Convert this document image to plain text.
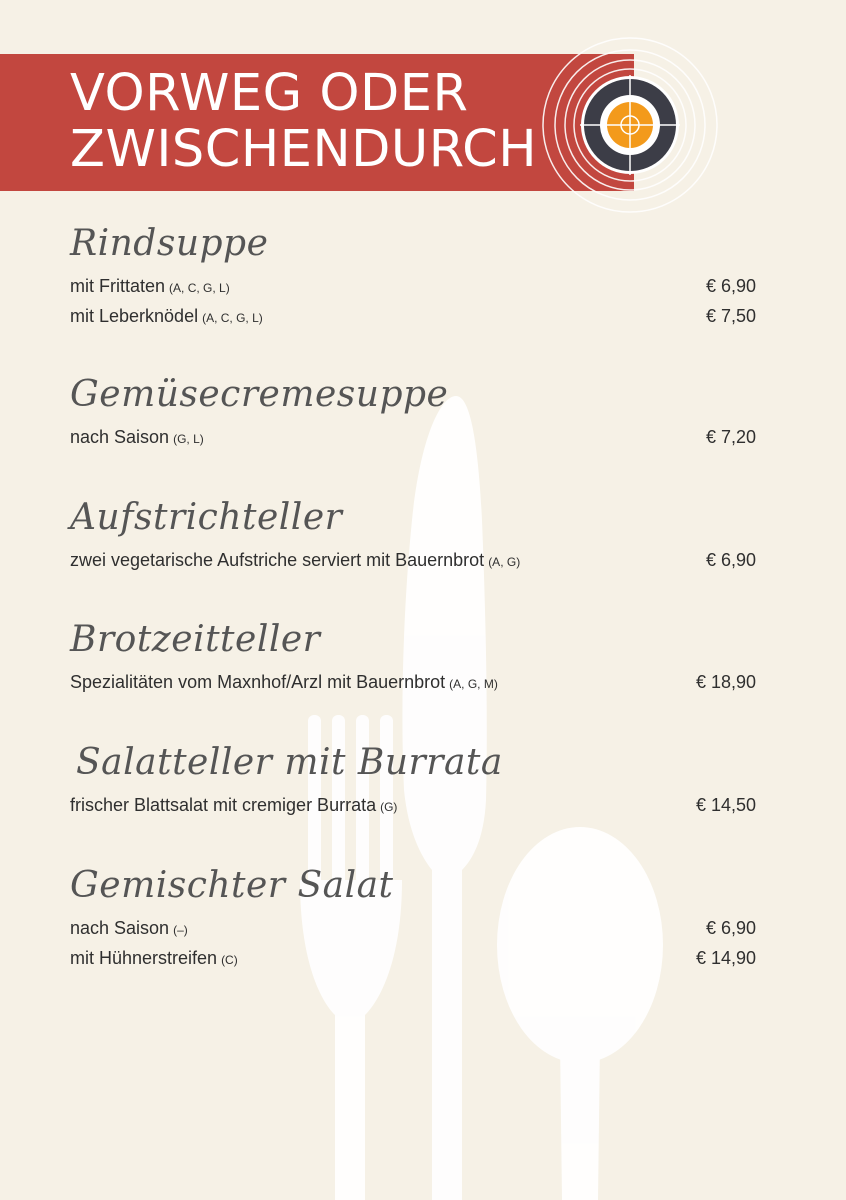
VORWEG ODER
ZWISCHENDURCH
Rindsuppe
mit Frittaten (A, C, G, L)	€ 6,90
mit Leberknödel (A, C, G, L)	€ 7,50
Gemüsecremesuppe
nach Saison (G, L)	€ 7,20
Aufstrichteller
zwei vegetarische Aufstriche serviert mit Bauernbrot (A, G)	€ 6,90
Brotzeitteller
Spezialitäten vom Maxnhof/Arzl mit Bauernbrot (A, G, M)	€ 18,90
Salatteller mit Burrata
frischer Blattsalat mit cremiger Burrata (G)	€ 14,50
Gemischter Salat
nach Saison (–)	€ 6,90
mit Hühnerstreifen (C)	€ 14,90
